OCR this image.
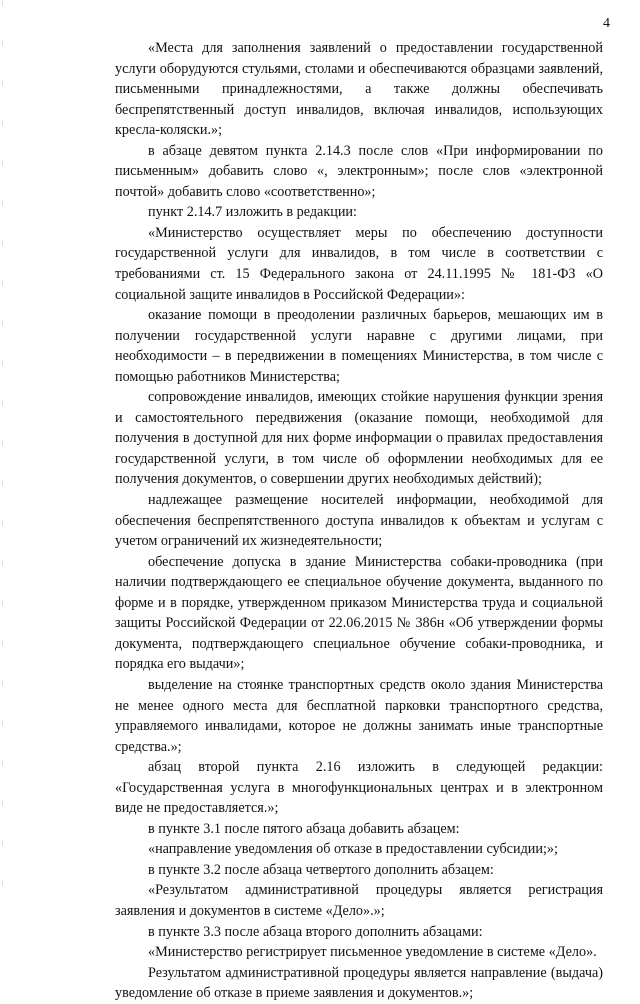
4

«Места для заполнения заявлений о предоставлении государственной услуги оборудуются стульями, столами и обеспечиваются образцами заявлений, письменными принадлежностями, а также должны обеспечивать беспрепятственный доступ инвалидов, включая инвалидов, использующих кресла-коляски.»;

в абзаце девятом пункта 2.14.3 после слов «При информировании по письменным» добавить слово «, электронным»; после слов «электронной почтой» добавить слово «соответственно»;

пункт 2.14.7 изложить в редакции:

«Министерство осуществляет меры по обеспечению доступности государственной услуги для инвалидов, в том числе в соответствии с требованиями ст. 15 Федерального закона от 24.11.1995 № 181-ФЗ «О социальной защите инвалидов в Российской Федерации»:

оказание помощи в преодолении различных барьеров, мешающих им в получении государственной услуги наравне с другими лицами, при необходимости – в передвижении в помещениях Министерства, в том числе с помощью работников Министерства;

сопровождение инвалидов, имеющих стойкие нарушения функции зрения и самостоятельного передвижения (оказание помощи, необходимой для получения в доступной для них форме информации о правилах предоставления государственной услуги, в том числе об оформлении необходимых для ее получения документов, о совершении других необходимых действий);

надлежащее размещение носителей информации, необходимой для обеспечения беспрепятственного доступа инвалидов к объектам и услугам с учетом ограничений их жизнедеятельности;

обеспечение допуска в здание Министерства собаки-проводника (при наличии подтверждающего ее специальное обучение документа, выданного по форме и в порядке, утвержденном приказом Министерства труда и социальной защиты Российской Федерации от 22.06.2015 № 386н «Об утверждении формы документа, подтверждающего специальное обучение собаки-проводника, и порядка его выдачи»;

выделение на стоянке транспортных средств около здания Министерства не менее одного места для бесплатной парковки транспортного средства, управляемого инвалидами, которое не должны занимать иные транспортные средства.»;

абзац второй пункта 2.16 изложить в следующей редакции: «Государственная услуга в многофункциональных центрах и в электронном виде не предоставляется.»;

в пункте 3.1 после пятого абзаца добавить абзацем:

«направление уведомления об отказе в предоставлении субсидии;»;

в пункте 3.2 после абзаца четвертого дополнить абзацем:

«Результатом административной процедуры является регистрация заявления и документов в системе «Дело».»;

в пункте 3.3 после абзаца второго дополнить абзацами:

«Министерство регистрирует письменное уведомление в системе «Дело».

Результатом административной процедуры является направление (выдача) уведомление об отказе в приеме заявления и документов.»;
